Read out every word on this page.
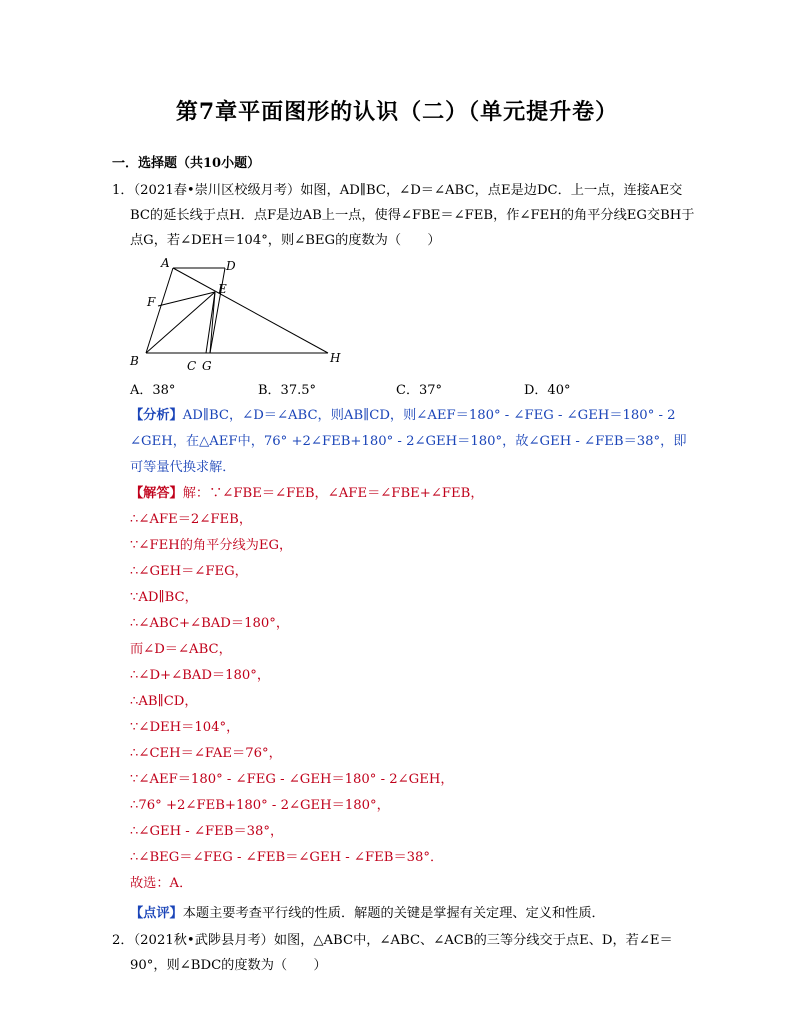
第7章平面图形的认识（二）（单元提升卷）
一．选择题（共10小题）
1．（2021春•崇川区校级月考）如图，AD∥BC，∠D＝∠ABC，点E是边DC．上一点，连接AE交
BC的延长线于点H．点F是边AB上一点，使得∠FBE＝∠FEB，作∠FEH的角平分线EG交BH于
点G，若∠DEH＝104°，则∠BEG的度数为（　　）
A	D
F
E
B	C G
H
A．38°	B．37.5°	C．37°	D．40°
【分析】AD∥BC，∠D＝∠ABC，则AB∥CD，则∠AEF＝180° - ∠FEG - ∠GEH＝180° - 2
∠GEH，在△AEF中，76° +2∠FEB+180° - 2∠GEH＝180°，故∠GEH - ∠FEB＝38°，即
可等量代换求解．
【解答】解：∵∠FBE＝∠FEB，∠AFE＝∠FBE+∠FEB，
∴∠AFE＝2∠FEB，
∵∠FEH的角平分线为EG，
∴∠GEH＝∠FEG，
∵AD∥BC，
∴∠ABC+∠BAD＝180°，
而∠D＝∠ABC，
∴∠D+∠BAD＝180°，
∴AB∥CD，
∵∠DEH＝104°，
∴∠CEH＝∠FAE＝76°，
∵∠AEF＝180° - ∠FEG - ∠GEH＝180° - 2∠GEH，
∴76° +2∠FEB+180° - 2∠GEH＝180°，
∴∠GEH - ∠FEB＝38°，
∴∠BEG＝∠FEG - ∠FEB＝∠GEH - ∠FEB＝38°．
故选：A．
【点评】本题主要考查平行线的性质．解题的关键是掌握有关定理、定义和性质．
2．（2021秋•武陟县月考）如图，△ABC中，∠ABC、∠ACB的三等分线交于点E、D，若∠E＝
90°，则∠BDC的度数为（　　）
